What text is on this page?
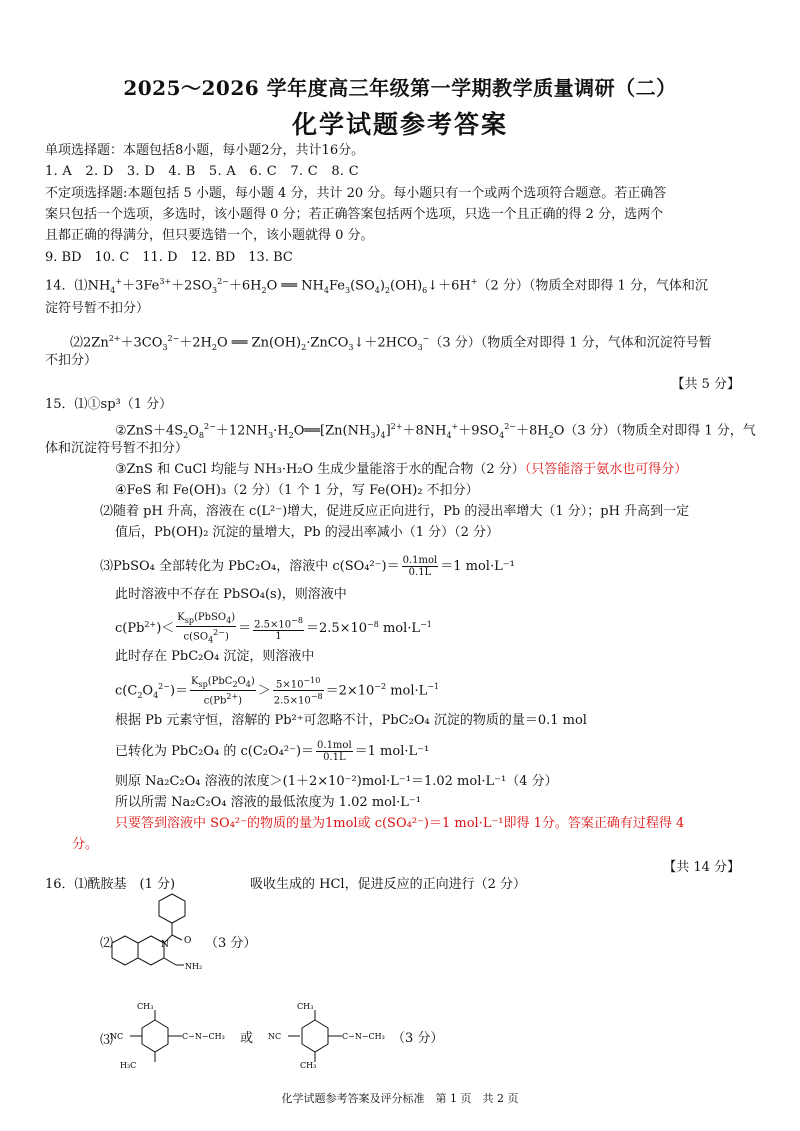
2025～2026 学年度高三年级第一学期教学质量调研（二）
化学试题参考答案
单项选择题：本题包括8小题，每小题2分，共计16分。
1. A　2. D　3. D　4. B　5. A　6. C　7. C　8. C
不定项选择题:本题包括 5 小题，每小题 4 分，共计 20 分。每小题只有一个或两个选项符合题意。若正确答
案只包括一个选项，多选时，该小题得 0 分；若正确答案包括两个选项，只选一个且正确的得 2 分，选两个
且都正确的得满分，但只要选错一个，该小题就得 0 分。
9. BD　10. C　11. D　12. BD　13. BC
14．$⑴NH_4^++3Fe^{3+}+2SO_3^{2-}+6H_2O$ ══ $NH_4Fe_3(SO_4)_2(OH)_6↓+6H^+(2$ 分）（物质全对即得 1 分，气体和沉
淀符号暂不扣分）
$⑵2Zn^{2+}+3CO_3^{2-}+2H_2O$ ══ $Zn(OH)_2\cdot ZnCO_3↓+2HCO_3^-(3$ 分）（物质全对即得 1 分，气体和沉淀符号暂
不扣分）
【共 5 分】
15．⑴①sp³（1 分）
$②ZnS+4S_2O_8^{2-}+12NH_3\cdot H_2O══[Zn(NH_3)_4]^{2+}+8NH_4^++9SO_4^{2-}+8H_2O(3$ 分）（物质全对即得 1 分，气
体和沉淀符号暂不扣分）
③ZnS 和 CuCl 均能与 NH₃·H₂O 生成少量能溶于水的配合物（2 分）（只答能溶于氨水也可得分）
④FeS 和 Fe(OH)₃（2 分）（1 个 1 分，写 Fe(OH)₂ 不扣分）
⑵随着 pH 升高，溶液在 c(L²⁻)增大，促进反应正向进行，Pb 的浸出率增大（1 分）；pH 升高到一定
值后，Pb(OH)₂ 沉淀的量增大，Pb 的浸出率减小（1 分）（2 分）
⑶PbSO₄ 全部转化为 PbC₂O₄，溶液中 $c(SO_4^{2-})= \frac{\text{0.1mol}}{0.1L} =1$ mol·L⁻¹
此时溶液中不存在 PbSO₄(s)，则溶液中
$c(Pb^{2+})< \frac{K_{sp}(PbSO_4)}{c(SO_4^{2-})} = \frac{2.5\times 10^{-8}}{1} =2.5\times 10^{-8}$ $mol\cdot L^{-1}$
此时存在 PbC₂O₄ 沉淀，则溶液中
$c(C_2O_4^{2-})= \frac{K_{sp}(PbC_2O_4)}{c(Pb^{2+})} > \frac{5\times 10^{-10}}{2.5\times 10^{-8}} =2\times 10^{-2}$ $mol\cdot L^{-1}$
根据 Pb 元素守恒，溶解的 Pb²⁺可忽略不计，PbC₂O₄ 沉淀的物质的量＝0.1 mol
已转化为 PbC₂O₄ 的 $c(C_2O_4^{2-})= \frac{\text{0.1mol}}{0.1L} =1$ mol·L⁻¹
则原 Na₂C₂O₄ 溶液的浓度＞(1＋2×10⁻²)mol·L⁻¹＝1.02 mol·L⁻¹（4 分）
所以所需 Na₂C₂O₄ 溶液的最低浓度为 1.02 mol·L⁻¹
只要答到溶液中 SO₄²⁻的物质的量为1mol或 c(SO₄²⁻)＝1 mol·L⁻¹即得 1分。答案正确有过程得 4
分。
【共 14 分】
16．⑴酰胺基　(1 分)	吸收生成的 HCl，促进反应的正向进行（2 分）
⑵	O
N
NH₂
（3 分）
⑶
CH₃
H₃C
NC	C−N−CH₃
CH₃
CH₃
NC	C−N−CH₃
或	（3 分）
化学试题参考答案及评分标准　第 1 页　共 2 页
